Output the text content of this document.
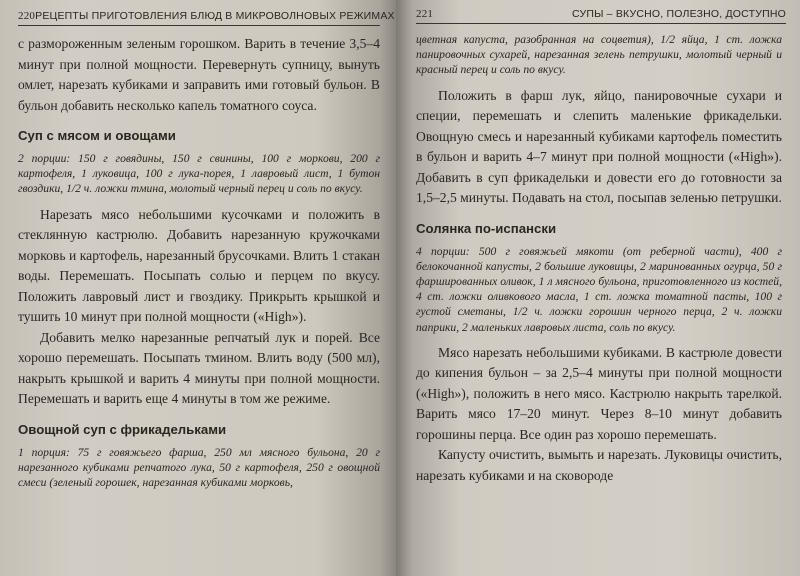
220 РЕЦЕПТЫ ПРИГОТОВЛЕНИЯ БЛЮД В МИКРОВОЛНОВЫХ РЕЖИМАХ

с размороженным зеленым горошком. Варить в течение 3,5–4 минут при полной мощности. Перевернуть супницу, вынуть омлет, нарезать кубиками и заправить ими готовый бульон. В бульон добавить несколько капель томатного соуса.

Суп с мясом и овощами
2 порции: 150 г говядины, 150 г свинины, 100 г моркови, 200 г картофеля, 1 луковица, 100 г лука-порея, 1 лавровый лист, 1 бутон гвоздики, 1/2 ч. ложки тмина, молотый черный перец и соль по вкусу.

Нарезать мясо небольшими кусочками и положить в стеклянную кастрюлю. Добавить нарезанную кружочками морковь и картофель, нарезанный брусочками. Влить 1 стакан воды. Перемешать. Посыпать солью и перцем по вкусу. Положить лавровый лист и гвоздику. Прикрыть крышкой и тушить 10 минут при полной мощности («High»).

Добавить мелко нарезанные репчатый лук и порей. Все хорошо перемешать. Посыпать тмином. Влить воду (500 мл), накрыть крышкой и варить 4 минуты при полной мощности. Перемешать и варить еще 4 минуты в том же режиме.

Овощной суп с фрикадельками
1 порция: 75 г говяжьего фарша, 250 мл мясного бульона, 20 г нарезанного кубиками репчатого лука, 50 г картофеля, 250 г овощной смеси (зеленый горошек, нарезанная кубиками морковь,
221	СУПЫ – ВКУСНО, ПОЛЕЗНО, ДОСТУПНО
цветная капуста, разобранная на соцветия), 1/2 яйца, 1 ст. ложка панировочных сухарей, нарезанная зелень петрушки, молотый черный и красный перец и соль по вкусу.

Положить в фарш лук, яйцо, панировочные сухари и специи, перемешать и слепить маленькие фрикадельки. Овощную смесь и нарезанный кубиками картофель поместить в бульон и варить 4–7 минут при полной мощности («High»). Добавить в суп фрикадельки и довести его до готовности за 1,5–2,5 минуты. Подавать на стол, посыпав зеленью петрушки.

Солянка по-испански
4 порции: 500 г говяжьей мякоти (от реберной части), 400 г белокочанной капусты, 2 большие луковицы, 2 маринованных огурца, 50 г фаршированных оливок, 1 л мясного бульона, приготовленного из костей, 4 ст. ложки оливкового масла, 1 ст. ложка томатной пасты, 100 г густой сметаны, 1/2 ч. ложки горошин черного перца, 2 ч. ложки паприки, 2 маленьких лавровых листа, соль по вкусу.

Мясо нарезать небольшими кубиками. В кастрюле довести до кипения бульон – за 2,5–4 минуты при полной мощности («High»), положить в него мясо. Кастрюлю накрыть тарелкой. Варить мясо 17–20 минут. Через 8–10 минут добавить горошины перца. Все один раз хорошо перемешать.

Капусту очистить, вымыть и нарезать. Луковицы очистить, нарезать кубиками и на сковороде
